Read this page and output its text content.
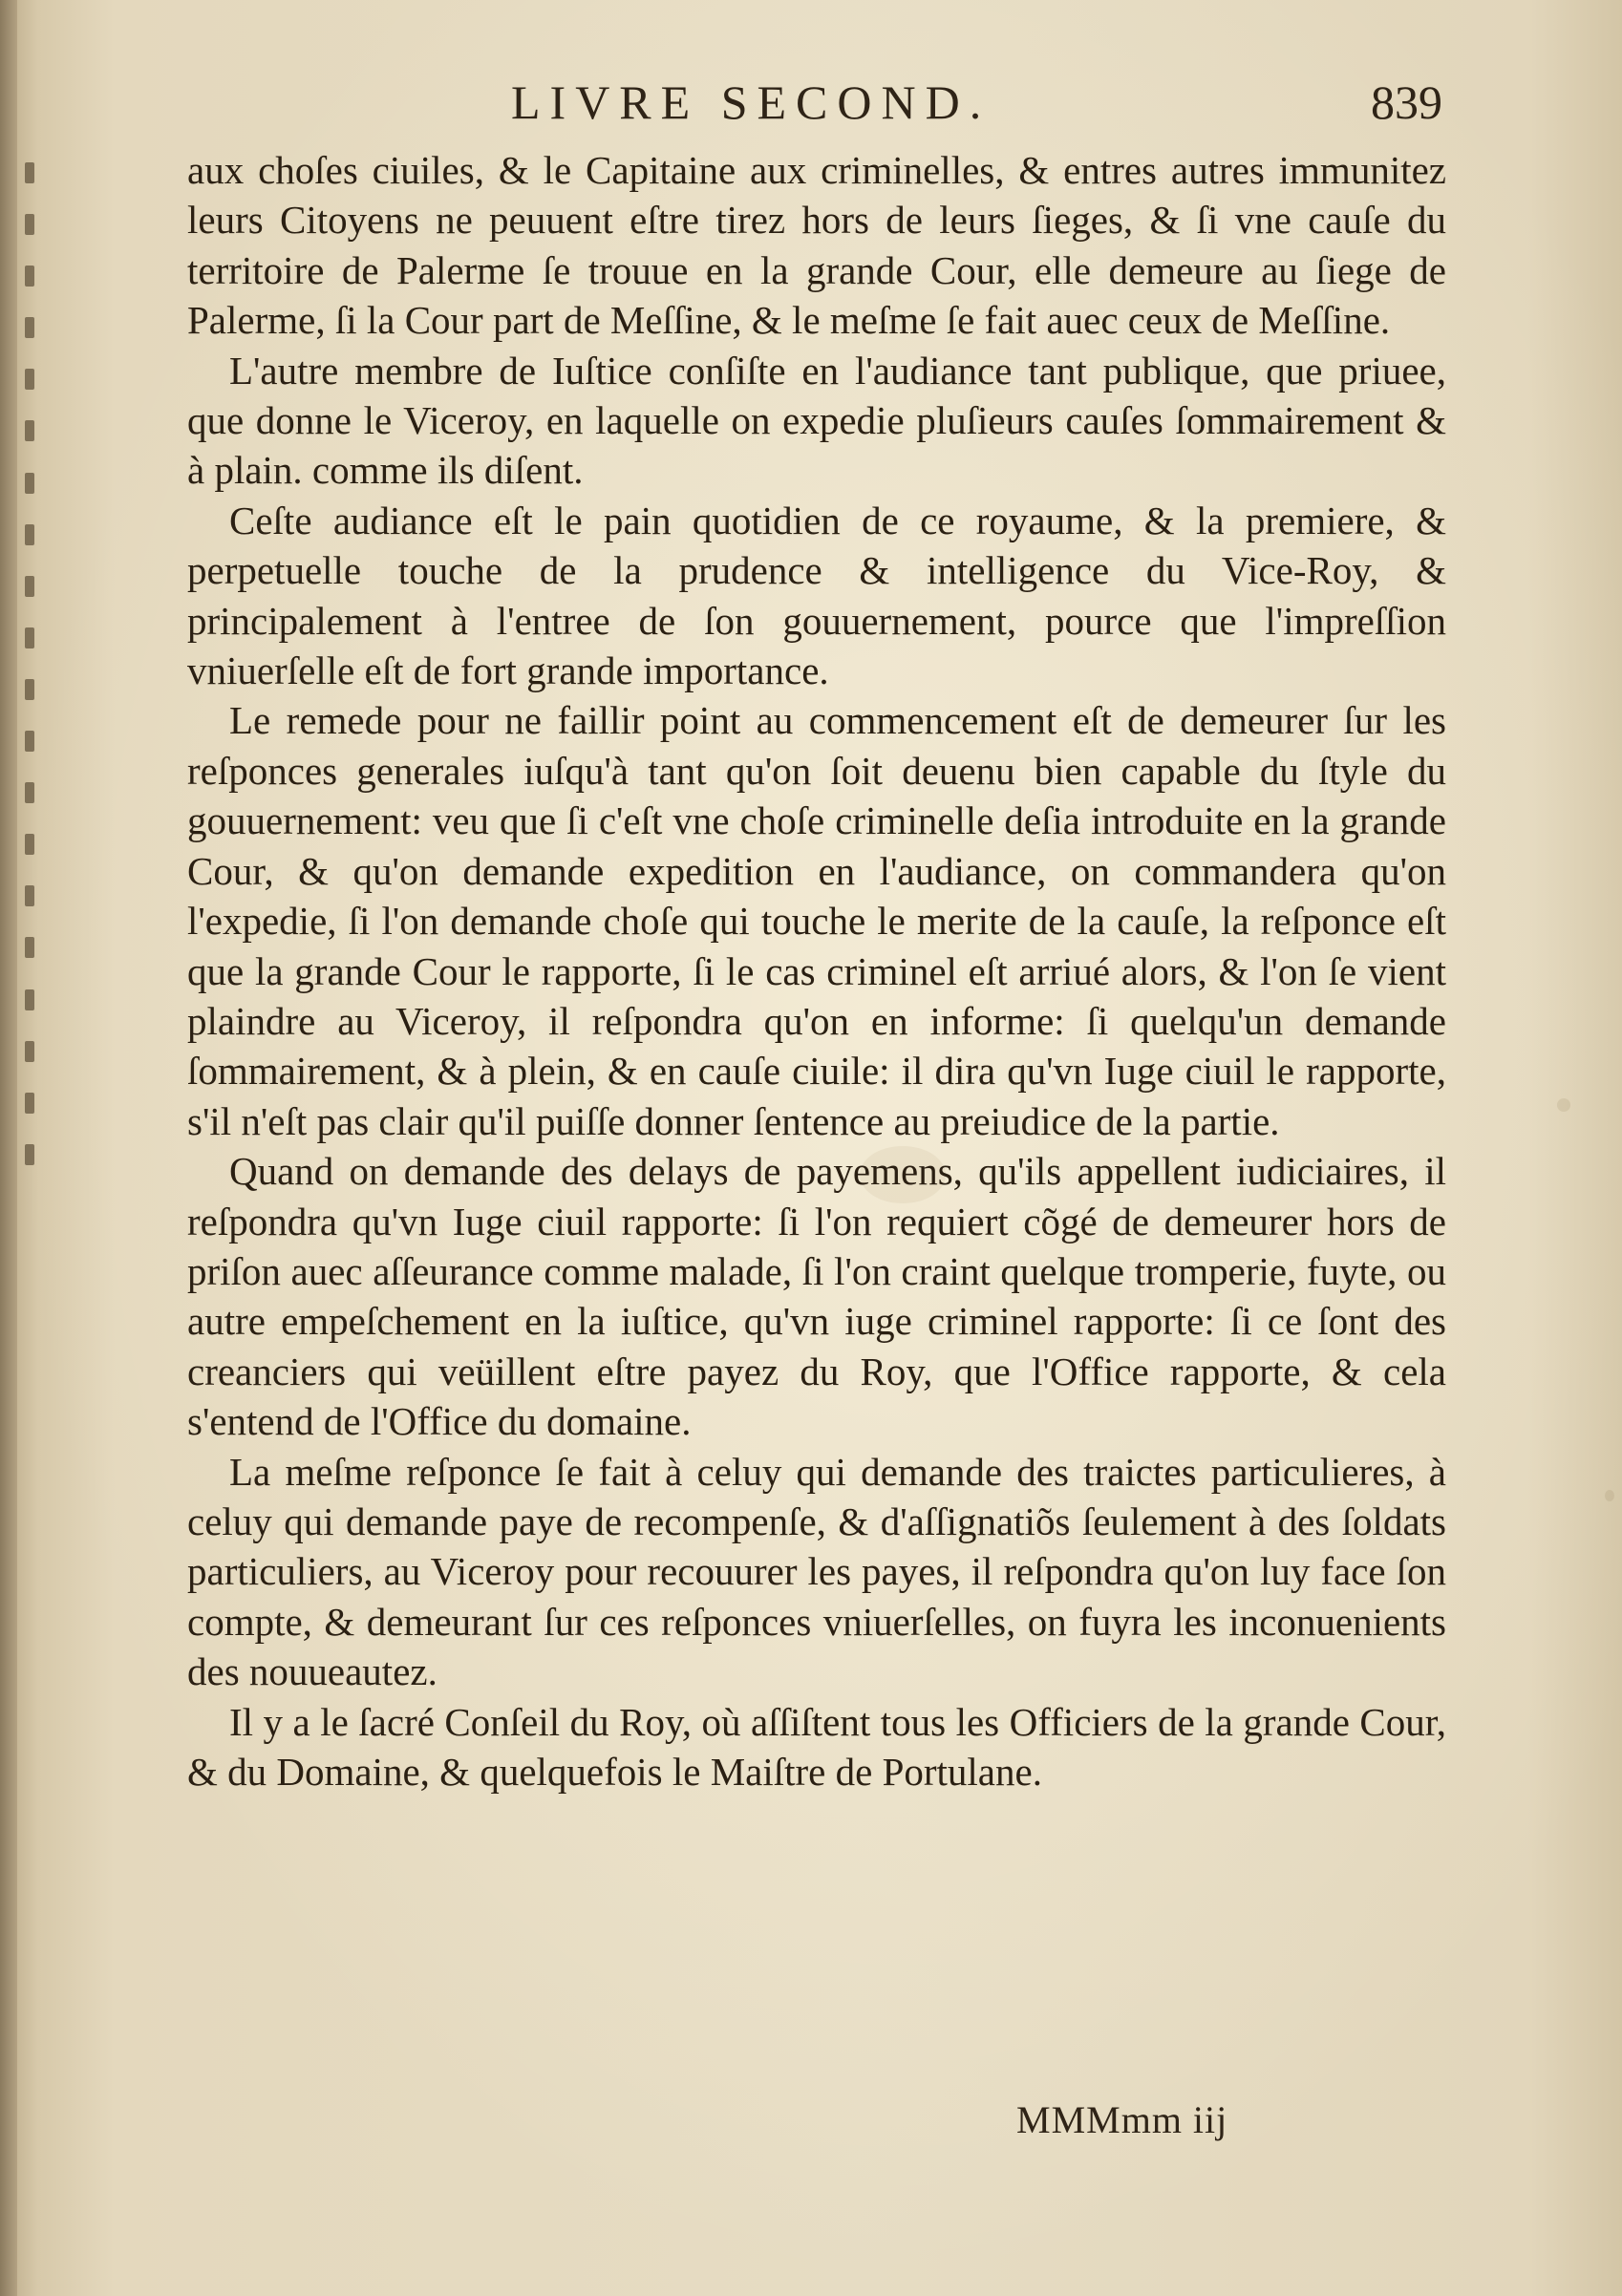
LIVRE SECOND.	839

aux choſes ciuiles, & le Capitaine aux criminelles, & entres autres immunitez leurs Citoyens ne peuuent eſtre tirez hors de leurs ſieges, & ſi vne cauſe du territoire de Palerme ſe trouue en la grande Cour, elle demeure au ſiege de Palerme, ſi la Cour part de Meſſine, & le meſme ſe fait auec ceux de Meſſine.

L'autre membre de Iuſtice conſiſte en l'audiance tant publique, que priuee, que donne le Viceroy, en laquelle on expedie pluſieurs cauſes ſommairement & à plain. comme ils diſent.

Ceſte audiance eſt le pain quotidien de ce royaume, & la premiere, & perpetuelle touche de la prudence & intelligence du Vice-Roy, & principalement à l'entree de ſon gouuernement, pource que l'impreſſion vniuerſelle eſt de fort grande importance.

Le remede pour ne faillir point au commencement eſt de demeurer ſur les reſponces generales iuſqu'à tant qu'on ſoit deuenu bien capable du ſtyle du gouuernement: veu que ſi c'eſt vne choſe criminelle deſia introduite en la grande Cour, & qu'on demande expedition en l'audiance, on commandera qu'on l'expedie, ſi l'on demande choſe qui touche le merite de la cauſe, la reſponce eſt que la grande Cour le rapporte, ſi le cas criminel eſt arriué alors, & l'on ſe vient plaindre au Viceroy, il reſpondra qu'on en informe: ſi quelqu'un demande ſommairement, & à plein, & en cauſe ciuile: il dira qu'vn Iuge ciuil le rapporte, s'il n'eſt pas clair qu'il puiſſe donner ſentence au preiudice de la partie.

Quand on demande des delays de payemens, qu'ils appellent iudiciaires, il reſpondra qu'vn Iuge ciuil rapporte: ſi l'on requiert cõgé de demeurer hors de priſon auec aſſeurance comme malade, ſi l'on craint quelque tromperie, fuyte, ou autre empeſchement en la iuſtice, qu'vn iuge criminel rapporte: ſi ce ſont des creanciers qui veüillent eſtre payez du Roy, que l'Office rapporte, & cela s'entend de l'Office du domaine.

La meſme reſponce ſe fait à celuy qui demande des traictes particulieres, à celuy qui demande paye de recompenſe, & d'aſſignatiõs ſeulement à des ſoldats particuliers, au Viceroy pour recouurer les payes, il reſpondra qu'on luy face ſon compte, & demeurant ſur ces reſponces vniuerſelles, on fuyra les inconuenients des nouueautez.

Il y a le ſacré Conſeil du Roy, où aſſiſtent tous les Officiers de la grande Cour, & du Domaine, & quelquefois le Maiſtre de Portulane.

MMMmm iij
